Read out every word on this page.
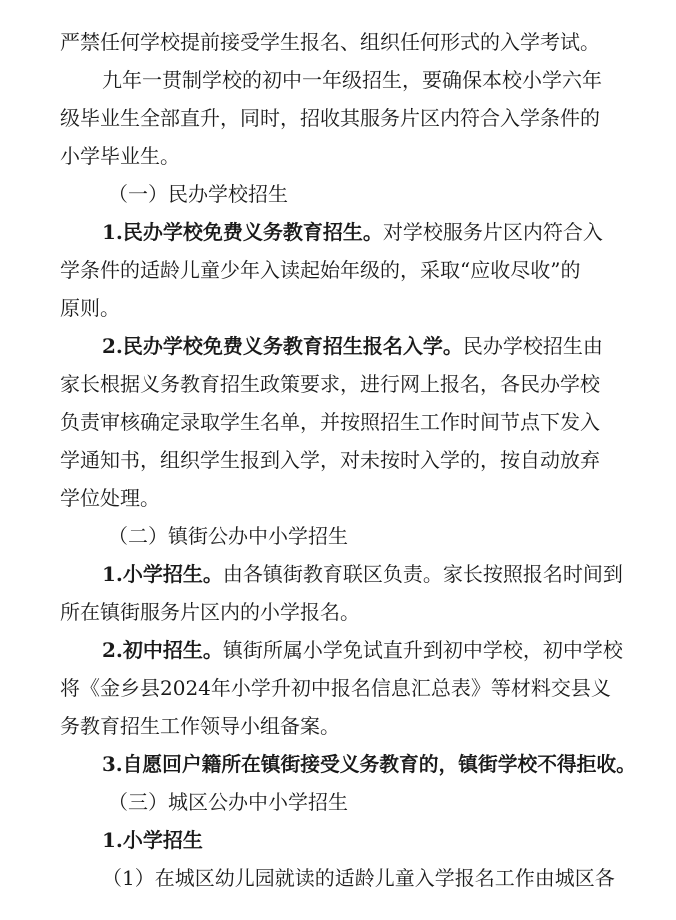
严禁任何学校提前接受学生报名、组织任何形式的入学考试。
九年一贯制学校的初中一年级招生，要确保本校小学六年
级毕业生全部直升，同时，招收其服务片区内符合入学条件的
小学毕业生。
（一）民办学校招生
1.民办学校免费义务教育招生。对学校服务片区内符合入
学条件的适龄儿童少年入读起始年级的，采取“应收尽收”的
原则。
2.民办学校免费义务教育招生报名入学。民办学校招生由
家长根据义务教育招生政策要求，进行网上报名，各民办学校
负责审核确定录取学生名单，并按照招生工作时间节点下发入
学通知书，组织学生报到入学，对未按时入学的，按自动放弃
学位处理。
（二）镇街公办中小学招生
1.小学招生。由各镇街教育联区负责。家长按照报名时间到
所在镇街服务片区内的小学报名。
2.初中招生。镇街所属小学免试直升到初中学校，初中学校
将《金乡县2024年小学升初中报名信息汇总表》等材料交县义
务教育招生工作领导小组备案。
3.自愿回户籍所在镇街接受义务教育的，镇街学校不得拒收。
（三）城区公办中小学招生
1.小学招生
（1）在城区幼儿园就读的适龄儿童入学报名工作由城区各
